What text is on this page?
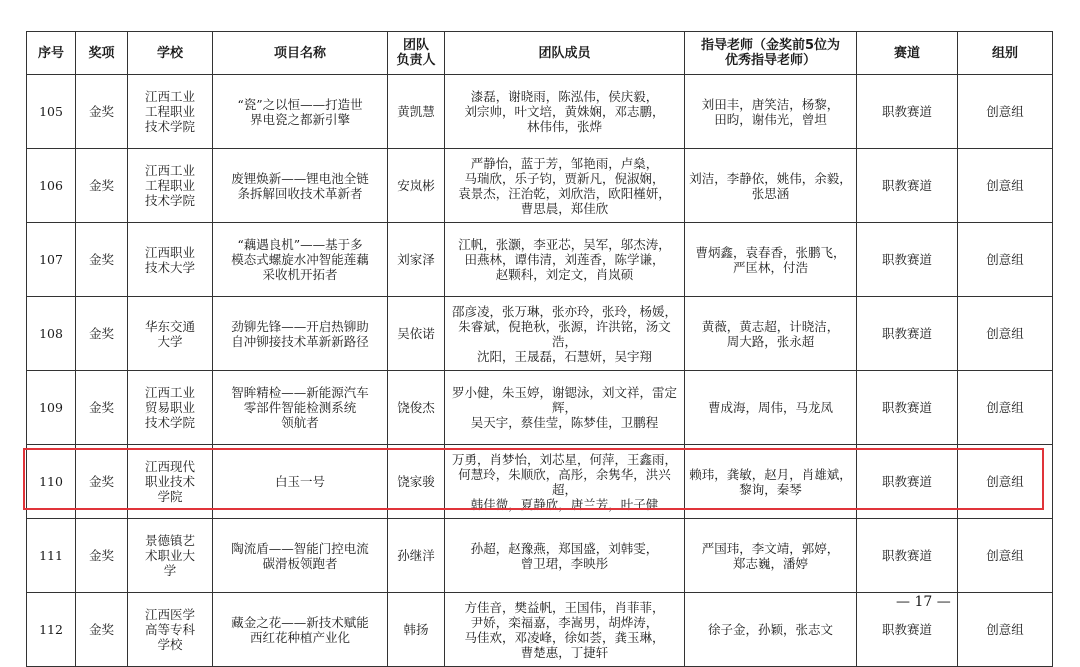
序号	奖项	学校	项目名称	团队
负责人	团队成员	指导老师（金奖前5位为
优秀指导老师）	赛道	组别
105	金奖	江西工业
工程职业
技术学院	“瓷”之以恒——打造世
界电瓷之都新引擎	黄凯慧	漆磊，谢晓雨，陈泓伟，侯庆毅，
刘宗帅，叶文培，黄姝娴，邓志鹏，
林伟伟，张烨	刘田丰，唐笑洁，杨黎，
田昀，谢伟光，曾坦	职教赛道	创意组
106	金奖	江西工业
工程职业
技术学院	废锂焕新——锂电池全链
条拆解回收技术革新者	安岚彬	严静怡，蓝于芳，邹艳雨，卢燊，
马瑞欣，乐子钧，贾新凡，倪淑娴，
袁景杰，汪治乾，刘欣浩，欧阳槿妍，
曹思晨，郑佳欣	刘洁，李静依，姚伟，余毅，
张思涵	职教赛道	创意组
107	金奖	江西职业
技术大学	“藕遇良机”——基于多
模态式螺旋水冲智能莲藕
采收机开拓者	刘家泽	江帆，张灏，李亚芯，吴军，邬杰涛，
田燕林，谭伟清，刘莲香，陈学谦，
赵颗科，刘定文，肖岚硕	曹炳鑫，袁春香，张鹏飞，
严匡林，付浩	职教赛道	创意组
108	金奖	华东交通
大学	劲铆先锋——开启热铆助
自冲铆接技术革新新路径	吴依诺	邵彦凌，张万琳，张亦玲，张玲，杨媛，
朱睿斌，倪艳秋，张源，许洪铭，汤文浩，
沈阳，王晟磊，石慧妍，吴宇翔	黄薇，黄志超，计晓洁，
周大路，张永超	职教赛道	创意组
109	金奖	江西工业
贸易职业
技术学院	智眸精检——新能源汽车
零部件智能检测系统
领航者	饶俊杰	罗小健，朱玉婷，谢锶泳，刘文祥，雷定辉，
吴天宇，蔡佳莹，陈梦佳，卫鹏程	曹成海，周伟，马龙凤	职教赛道	创意组
110	金奖	江西现代
职业技术
学院	白玉一号	饶家骏	万勇，肖梦怡，刘芯星，何萍，王鑫雨，
何慧玲，朱顺欣，高彤，余隽华，洪兴超，
韩佳微，夏静欣，唐兰芳，叶子健	赖玮，龚敏，赵月，肖雄斌，
黎询，秦琴	职教赛道	创意组
111	金奖	景德镇艺
术职业大
学	陶流盾——智能门控电流
碳滑板领跑者	孙继洋	孙超，赵豫燕，郑国盛，刘韩雯，
曾卫珺，李映彤	严国玮，李文靖，郭婷，
郑志巍，潘婷	职教赛道	创意组
112	金奖	江西医学
高等专科
学校	藏金之花——新技术赋能
西红花种植产业化	韩扬	方佳音，樊益帆，王国伟，肖菲菲，
尹娇，栾福嘉，李嵩男，胡烨涛，
马佳欢，邓凌峰，徐如荟，龚玉琳，
曹楚惠，丁捷轩	徐子金，孙颖，张志文	职教赛道	创意组
— 17 —
